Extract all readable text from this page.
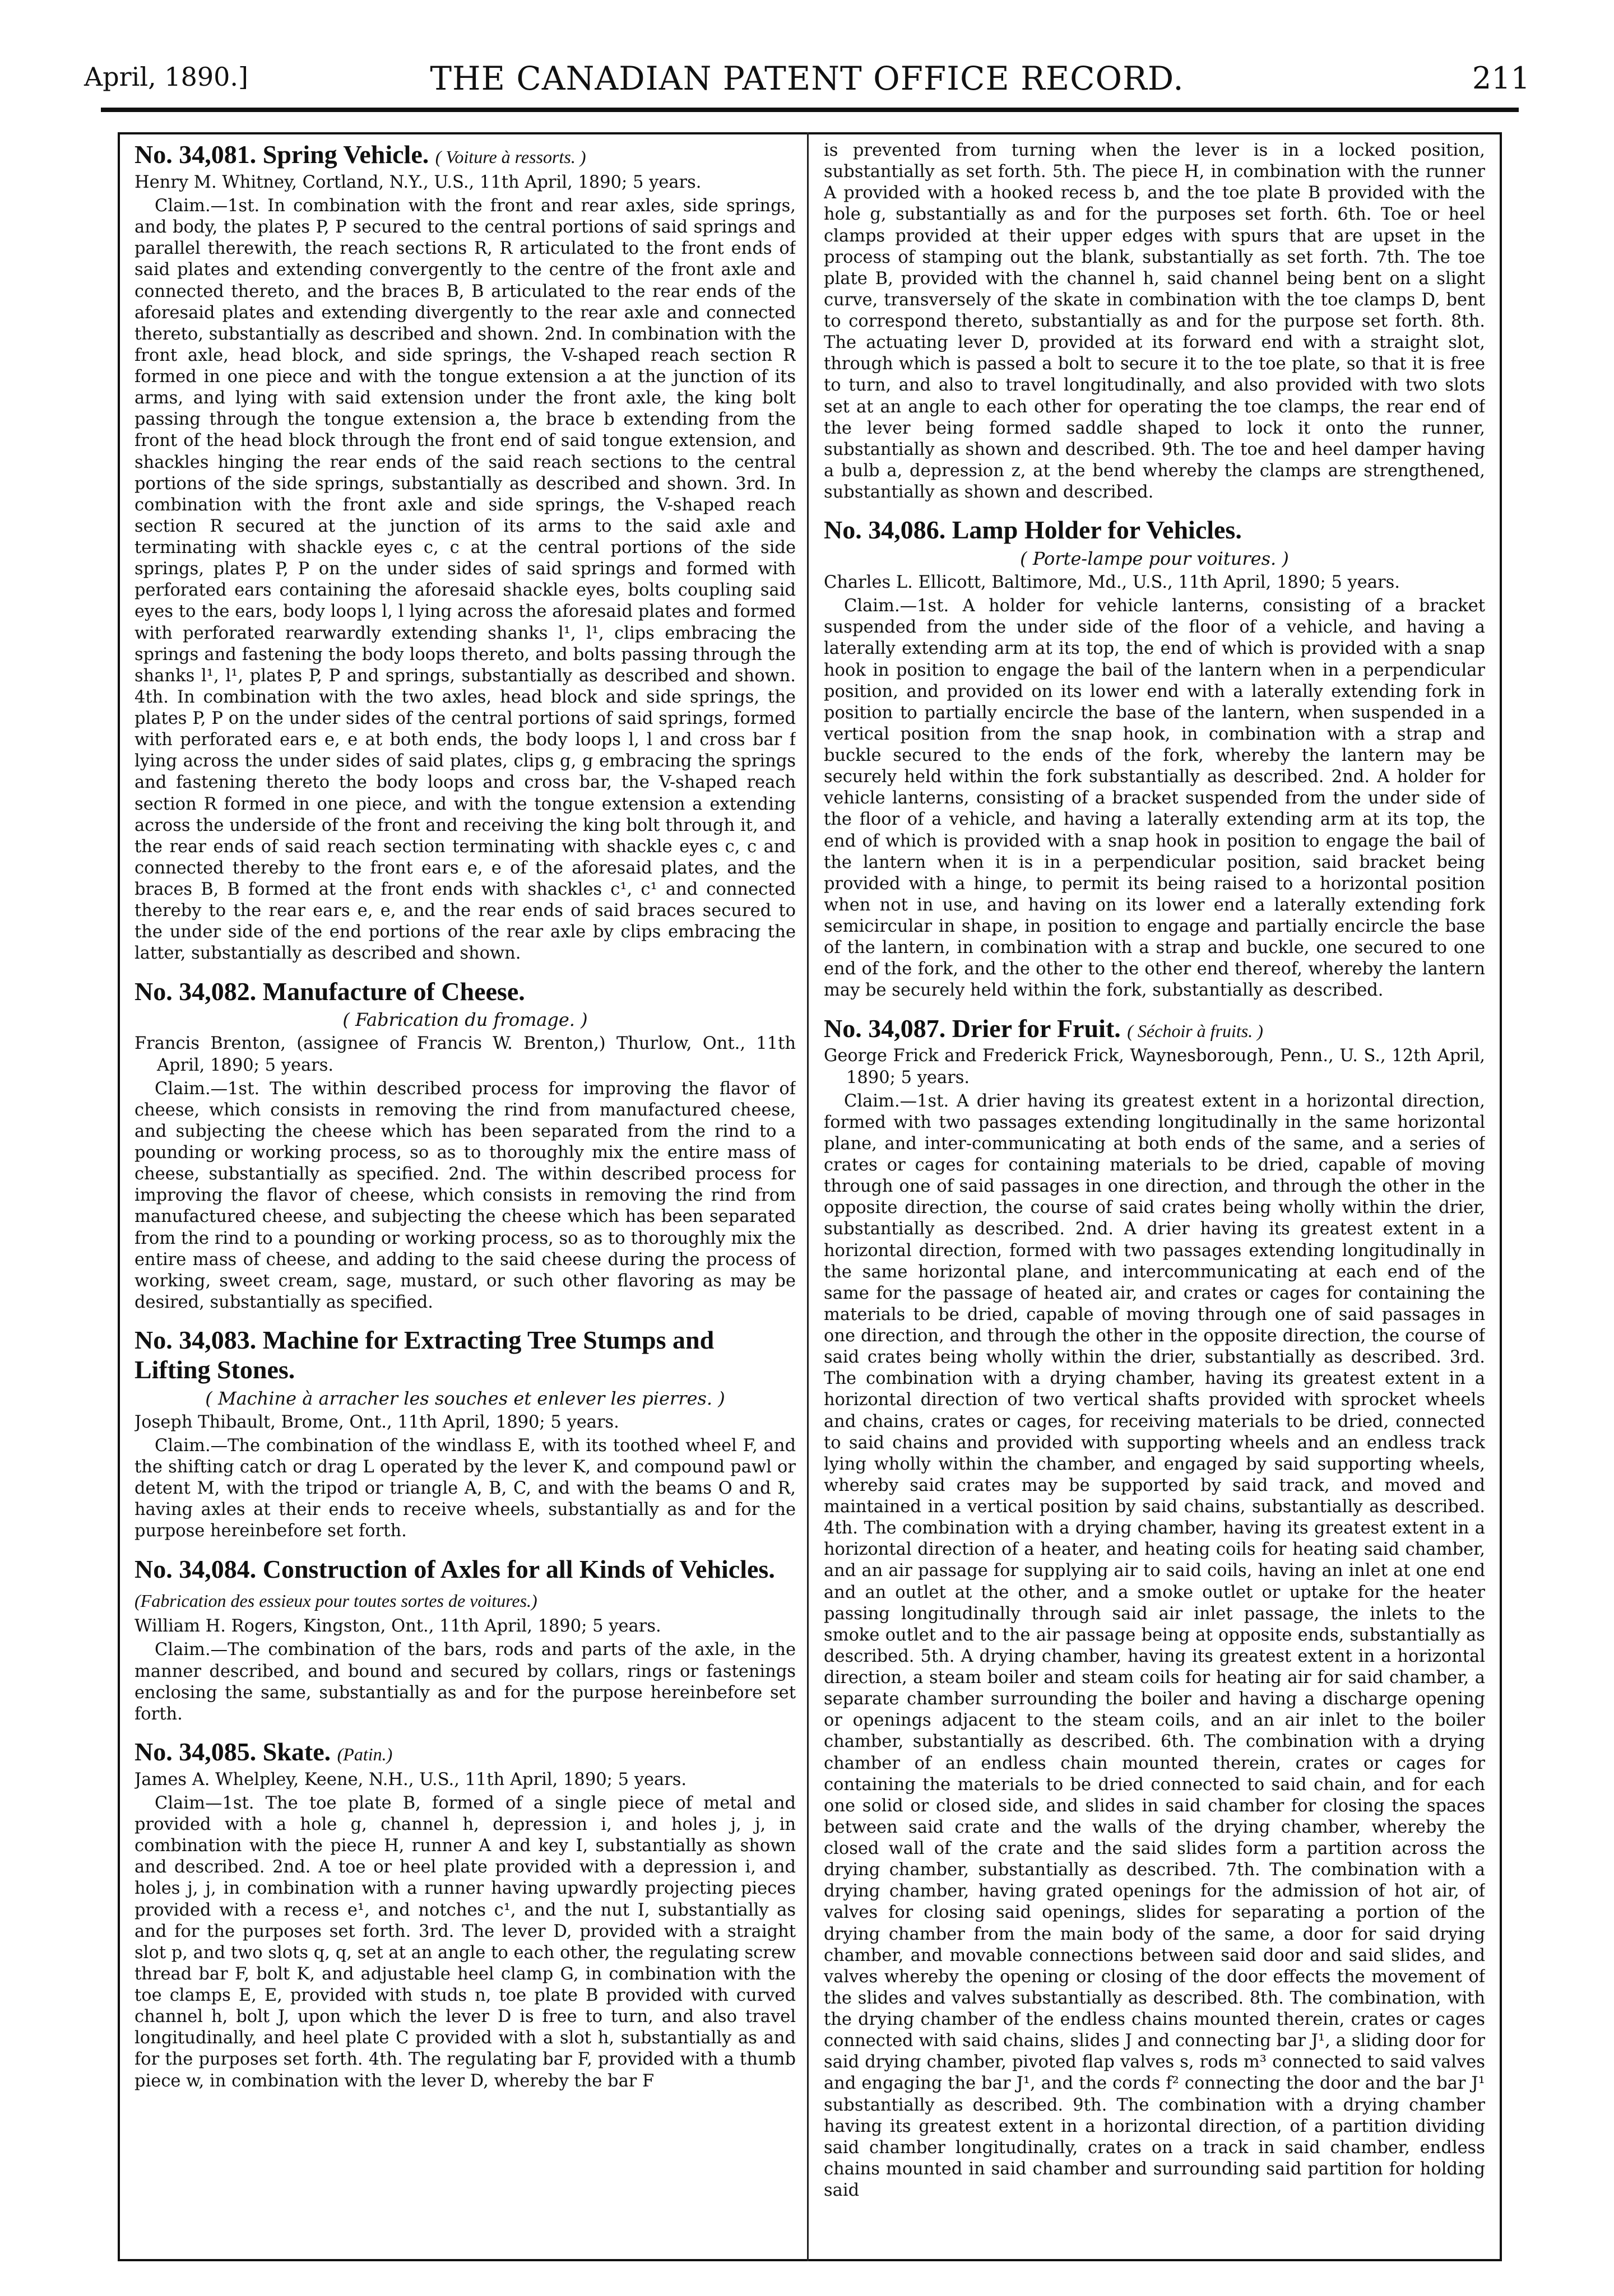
April, 1890.]	THE CANADIAN PATENT OFFICE RECORD.	211
No. 34,081. Spring Vehicle. ( Voiture à ressorts. )

Henry M. Whitney, Cortland, N.Y., U.S., 11th April, 1890; 5 years.

Claim.—1st. In combination with the front and rear axles, side springs, and body, the plates P, P secured to the central portions of said springs and parallel therewith, the reach sections R, R articulated to the front ends of said plates and extending convergently to the centre of the front axle and connected thereto, and the braces B, B articulated to the rear ends of the aforesaid plates and extending divergently to the rear axle and connected thereto, substantially as described and shown. 2nd. In combination with the front axle, head block, and side springs, the V-shaped reach section R formed in one piece and with the tongue extension a at the junction of its arms, and lying with said extension under the front axle, the king bolt passing through the tongue extension a, the brace b extending from the front of the head block through the front end of said tongue extension, and shackles hinging the rear ends of the said reach sections to the central portions of the side springs, substantially as described and shown. 3rd. In combination with the front axle and side springs, the V-shaped reach section R secured at the junction of its arms to the said axle and terminating with shackle eyes c, c at the central portions of the side springs, plates P, P on the under sides of said springs and formed with perforated ears containing the aforesaid shackle eyes, bolts coupling said eyes to the ears, body loops l, l lying across the aforesaid plates and formed with perforated rearwardly extending shanks l¹, l¹, clips embracing the springs and fastening the body loops thereto, and bolts passing through the shanks l¹, l¹, plates P, P and springs, substantially as described and shown. 4th. In combination with the two axles, head block and side springs, the plates P, P on the under sides of the central portions of said springs, formed with perforated ears e, e at both ends, the body loops l, l and cross bar f lying across the under sides of said plates, clips g, g embracing the springs and fastening thereto the body loops and cross bar, the V-shaped reach section R formed in one piece, and with the tongue extension a extending across the underside of the front and receiving the king bolt through it, and the rear ends of said reach section terminating with shackle eyes c, c and connected thereby to the front ears e, e of the aforesaid plates, and the braces B, B formed at the front ends with shackles c¹, c¹ and connected thereby to the rear ears e, e, and the rear ends of said braces secured to the under side of the end portions of the rear axle by clips embracing the latter, substantially as described and shown.

No. 34,082. Manufacture of Cheese.

( Fabrication du fromage. )

Francis Brenton, (assignee of Francis W. Brenton,) Thurlow, Ont., 11th April, 1890; 5 years.

Claim.—1st. The within described process for improving the flavor of cheese, which consists in removing the rind from manufactured cheese, and subjecting the cheese which has been separated from the rind to a pounding or working process, so as to thoroughly mix the entire mass of cheese, substantially as specified. 2nd. The within described process for improving the flavor of cheese, which consists in removing the rind from manufactured cheese, and subjecting the cheese which has been separated from the rind to a pounding or working process, so as to thoroughly mix the entire mass of cheese, and adding to the said cheese during the process of working, sweet cream, sage, mustard, or such other flavoring as may be desired, substantially as specified.

No. 34,083. Machine for Extracting Tree Stumps and Lifting Stones.

( Machine à arracher les souches et enlever les pierres. )

Joseph Thibault, Brome, Ont., 11th April, 1890; 5 years.

Claim.—The combination of the windlass E, with its toothed wheel F, and the shifting catch or drag L operated by the lever K, and compound pawl or detent M, with the tripod or triangle A, B, C, and with the beams O and R, having axles at their ends to receive wheels, substantially as and for the purpose hereinbefore set forth.

No. 34,084. Construction of Axles for all Kinds of Vehicles. (Fabrication des essieux pour toutes sortes de voitures.)

William H. Rogers, Kingston, Ont., 11th April, 1890; 5 years.

Claim.—The combination of the bars, rods and parts of the axle, in the manner described, and bound and secured by collars, rings or fastenings enclosing the same, substantially as and for the purpose hereinbefore set forth.

No. 34,085. Skate. (Patin.)

James A. Whelpley, Keene, N.H., U.S., 11th April, 1890; 5 years.

Claim—1st. The toe plate B, formed of a single piece of metal and provided with a hole g, channel h, depression i, and holes j, j, in combination with the piece H, runner A and key I, substantially as shown and described. 2nd. A toe or heel plate provided with a depression i, and holes j, j, in combination with a runner having upwardly projecting pieces provided with a recess e¹, and notches c¹, and the nut I, substantially as and for the purposes set forth. 3rd. The lever D, provided with a straight slot p, and two slots q, q, set at an angle to each other, the regulating screw thread bar F, bolt K, and adjustable heel clamp G, in combination with the toe clamps E, E, provided with studs n, toe plate B provided with curved channel h, bolt J, upon which the lever D is free to turn, and also travel longitudinally, and heel plate C provided with a slot h, substantially as and for the purposes set forth. 4th. The regulating bar F, provided with a thumb piece w, in combination with the lever D, whereby the bar F

is prevented from turning when the lever is in a locked position, substantially as set forth. 5th. The piece H, in combination with the runner A provided with a hooked recess b, and the toe plate B provided with the hole g, substantially as and for the purposes set forth. 6th. Toe or heel clamps provided at their upper edges with spurs that are upset in the process of stamping out the blank, substantially as set forth. 7th. The toe plate B, provided with the channel h, said channel being bent on a slight curve, transversely of the skate in combination with the toe clamps D, bent to correspond thereto, substantially as and for the purpose set forth. 8th. The actuating lever D, provided at its forward end with a straight slot, through which is passed a bolt to secure it to the toe plate, so that it is free to turn, and also to travel longitudinally, and also provided with two slots set at an angle to each other for operating the toe clamps, the rear end of the lever being formed saddle shaped to lock it onto the runner, substantially as shown and described. 9th. The toe and heel damper having a bulb a, depression z, at the bend whereby the clamps are strengthened, substantially as shown and described.

No. 34,086. Lamp Holder for Vehicles.

( Porte-lampe pour voitures. )

Charles L. Ellicott, Baltimore, Md., U.S., 11th April, 1890; 5 years.

Claim.—1st. A holder for vehicle lanterns, consisting of a bracket suspended from the under side of the floor of a vehicle, and having a laterally extending arm at its top, the end of which is provided with a snap hook in position to engage the bail of the lantern when in a perpendicular position, and provided on its lower end with a laterally extending fork in position to partially encircle the base of the lantern, when suspended in a vertical position from the snap hook, in combination with a strap and buckle secured to the ends of the fork, whereby the lantern may be securely held within the fork substantially as described. 2nd. A holder for vehicle lanterns, consisting of a bracket suspended from the under side of the floor of a vehicle, and having a laterally extending arm at its top, the end of which is provided with a snap hook in position to engage the bail of the lantern when it is in a perpendicular position, said bracket being provided with a hinge, to permit its being raised to a horizontal position when not in use, and having on its lower end a laterally extending fork semicircular in shape, in position to engage and partially encircle the base of the lantern, in combination with a strap and buckle, one secured to one end of the fork, and the other to the other end thereof, whereby the lantern may be securely held within the fork, substantially as described.

No. 34,087. Drier for Fruit. ( Séchoir à fruits. )

George Frick and Frederick Frick, Waynesborough, Penn., U. S., 12th April, 1890; 5 years.

Claim.—1st. A drier having its greatest extent in a horizontal direction, formed with two passages extending longitudinally in the same horizontal plane, and inter-communicating at both ends of the same, and a series of crates or cages for containing materials to be dried, capable of moving through one of said passages in one direction, and through the other in the opposite direction, the course of said crates being wholly within the drier, substantially as described. 2nd. A drier having its greatest extent in a horizontal direction, formed with two passages extending longitudinally in the same horizontal plane, and intercommunicating at each end of the same for the passage of heated air, and crates or cages for containing the materials to be dried, capable of moving through one of said passages in one direction, and through the other in the opposite direction, the course of said crates being wholly within the drier, substantially as described. 3rd. The combination with a drying chamber, having its greatest extent in a horizontal direction of two vertical shafts provided with sprocket wheels and chains, crates or cages, for receiving materials to be dried, connected to said chains and provided with supporting wheels and an endless track lying wholly within the chamber, and engaged by said supporting wheels, whereby said crates may be supported by said track, and moved and maintained in a vertical position by said chains, substantially as described. 4th. The combination with a drying chamber, having its greatest extent in a horizontal direction of a heater, and heating coils for heating said chamber, and an air passage for supplying air to said coils, having an inlet at one end and an outlet at the other, and a smoke outlet or uptake for the heater passing longitudinally through said air inlet passage, the inlets to the smoke outlet and to the air passage being at opposite ends, substantially as described. 5th. A drying chamber, having its greatest extent in a horizontal direction, a steam boiler and steam coils for heating air for said chamber, a separate chamber surrounding the boiler and having a discharge opening or openings adjacent to the steam coils, and an air inlet to the boiler chamber, substantially as described. 6th. The combination with a drying chamber of an endless chain mounted therein, crates or cages for containing the materials to be dried connected to said chain, and for each one solid or closed side, and slides in said chamber for closing the spaces between said crate and the walls of the drying chamber, whereby the closed wall of the crate and the said slides form a partition across the drying chamber, substantially as described. 7th. The combination with a drying chamber, having grated openings for the admission of hot air, of valves for closing said openings, slides for separating a portion of the drying chamber from the main body of the same, a door for said drying chamber, and movable connections between said door and said slides, and valves whereby the opening or closing of the door effects the movement of the slides and valves substantially as described. 8th. The combination, with the drying chamber of the endless chains mounted therein, crates or cages connected with said chains, slides J and connecting bar J¹, a sliding door for said drying chamber, pivoted flap valves s, rods m³ connected to said valves and engaging the bar J¹, and the cords f² connecting the door and the bar J¹ substantially as described. 9th. The combination with a drying chamber having its greatest extent in a horizontal direction, of a partition dividing said chamber longitudinally, crates on a track in said chamber, endless chains mounted in said chamber and surrounding said partition for holding said
